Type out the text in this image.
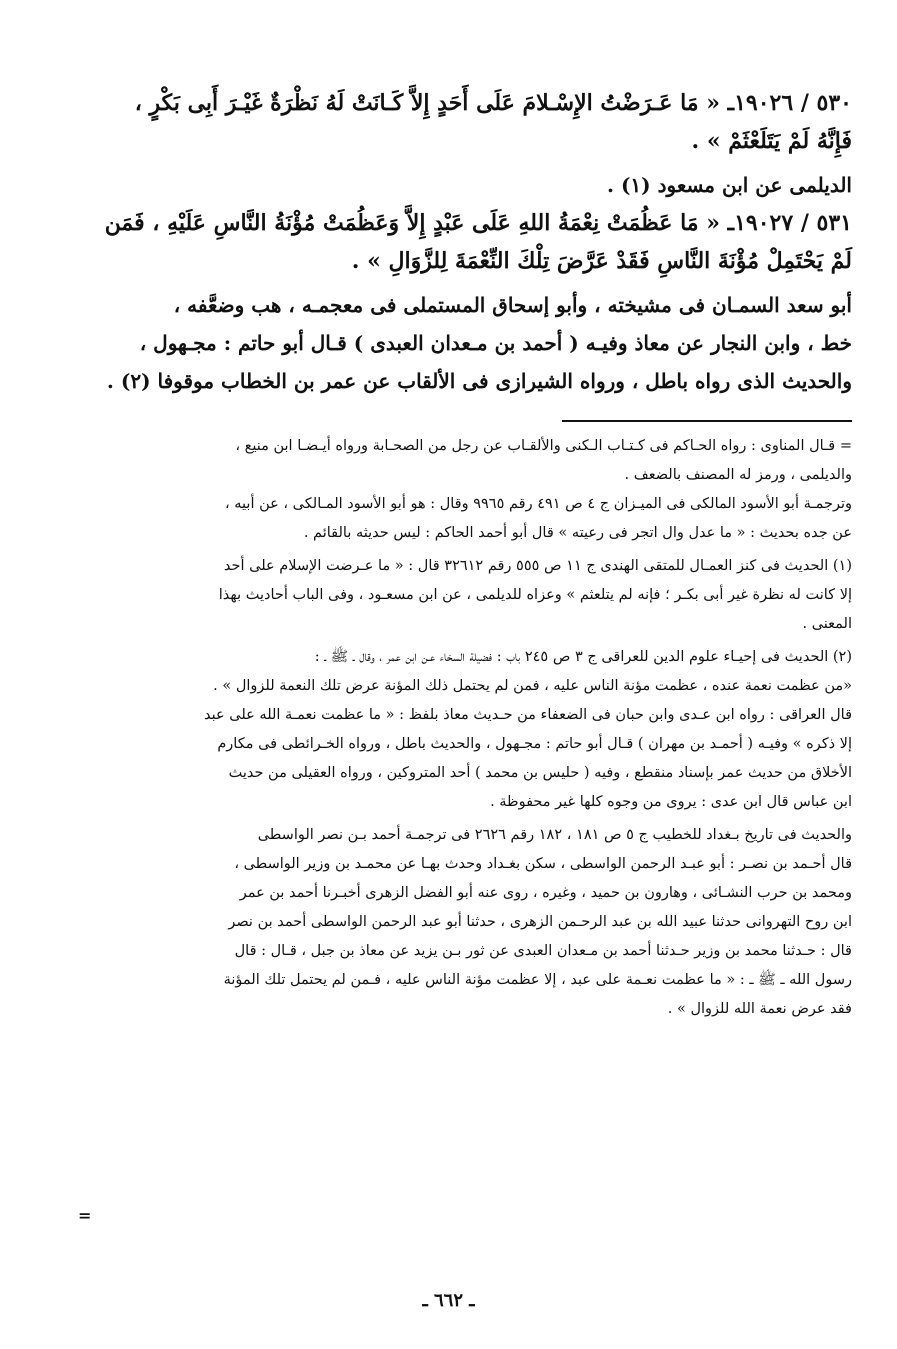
٥٣٠ / ١٩٠٢٦ـ « مَا عَـرَضْتُ الإِسْـلامَ عَلَى أَحَدٍ إِلاَّ كَـانَتْ لَهُ نَظْرَةٌ غَيْـرَ أَبِى بَكْرٍ ،

فَإِنَّهُ لَمْ يَتَلَعْثَمْ » .

الديلمى عن ابن مسعود (١) .

٥٣١ / ١٩٠٢٧ـ « مَا عَظُمَتْ نِعْمَةُ اللهِ عَلَى عَبْدٍ إِلاَّ وَعَظُمَتْ مُؤْنَةُ النَّاسِ عَلَيْهِ ، فَمَن

لَمْ يَحْتَمِلْ مُؤْنَةَ النَّاسِ فَقَدْ عَرَّضَ تِلْكَ النِّعْمَةَ لِلزَّوَالِ » .

أبو سعد السمـان فى مشيخته ، وأبو إسحاق المستملى فى معجمـه ، هب وضعَّفه ،

خط ، وابن النجار عن معاذ وفيـه ( أحمد بن مـعدان العبدى ) قـال أبو حاتم : مجـهول ،

والحديث الذى رواه باطل ، ورواه الشيرازى فى الألقاب عن عمر بن الخطاب موقوفا (٢) .

= قـال المناوى : رواه الحـاكم فى كـتـاب الـكنى والألقـاب عن رجل من الصحـابة ورواه أيـضـا ابن منيع ،

والديلمى ، ورمز له المصنف بالضعف .

وترجمـة أبو الأسود المالكى فى الميـزان ج ٤ ص ٤٩١ رقم ٩٩٦٥ وقال : هو أبو الأسود المـالكى ، عن أبيه ،

عن جده بحديث : « ما عدل وال اتجر فى رعيته » قال أبو أحمد الحاكم : ليس حديثه بالقائم .

(١) الحديث فى كنز العمـال للمتقى الهندى ج ١١ ص ٥٥٥ رقم ٣٢٦١٢ قال : « ما عـرضت الإسلام على أحد

إلا كانت له نظرة غير أبى بكـر ؛ فإنه لم يتلعثم » وعزاه للديلمى ، عن ابن مسعـود ، وفى الباب أحاديث بهذا

المعنى .

(٢) الحديث فى إحيـاء علوم الدين للعراقى ج ٣ ص ٢٤٥ باب : فضيلة السخاء عـن ابن عمر ، وقال ـ ﷺ ـ :

«من عظمت نعمة عنده ، عظمت مؤنة الناس عليه ، فمن لم يحتمل ذلك المؤنة عرض تلك النعمة للزوال » .

قال العراقى : رواه ابن عـدى وابن حبان فى الضعفاء من حـديث معاذ بلفظ : « ما عظمت نعمـة الله على عبد

إلا ذكره » وفيـه ( أحمـد بن مهران ) قـال أبو حاتم : مجـهول ، والحديث باطل ، ورواه الخـرائطى فى مكارم

الأخلاق من حديث عمر بإسناد منقطع ، وفيه ( حليس بن محمد ) أحد المتروكين ، ورواه العقيلى من حديث

ابن عباس قال ابن عدى : يروى من وجوه كلها غير محفوظة .

والحديث فى تاريخ بـغداد للخطيب ج ٥ ص ١٨١ ، ١٨٢ رقم ٢٦٢٦ فى ترجمـة أحمد بـن نصر الواسطى

قال أحـمد بن نصـر : أبو عبـد الرحمن الواسطى ، سكن بغـداد وحدث بهـا عن محمـد بن وزير الواسطى ،

ومحمد بن حرب النشـائى ، وهارون بن حميد ، وغيره ، روى عنه أبو الفضل الزهرى أخبـرنا أحمد بن عمر

ابن روح التهروانى حدثنا عبيد الله بن عبد الرحـمن الزهرى ، حدثنا أبو عبد الرحمن الواسطى أحمد بن نصر

قال : حـدثنا محمد بن وزير حـدثنا أحمد بن مـعدان العبدى عن ثور بـن يزيد عن معاذ بن جبل ، قـال : قال

رسول الله ـ ﷺ ـ : « ما عظمت نعـمة على عبد ، إلا عظمت مؤنة الناس عليه ، فـمن لم يحتمل تلك المؤنة

فقد عرض نعمة الله للزوال » .

=
ـ ٦٦٢ ـ
